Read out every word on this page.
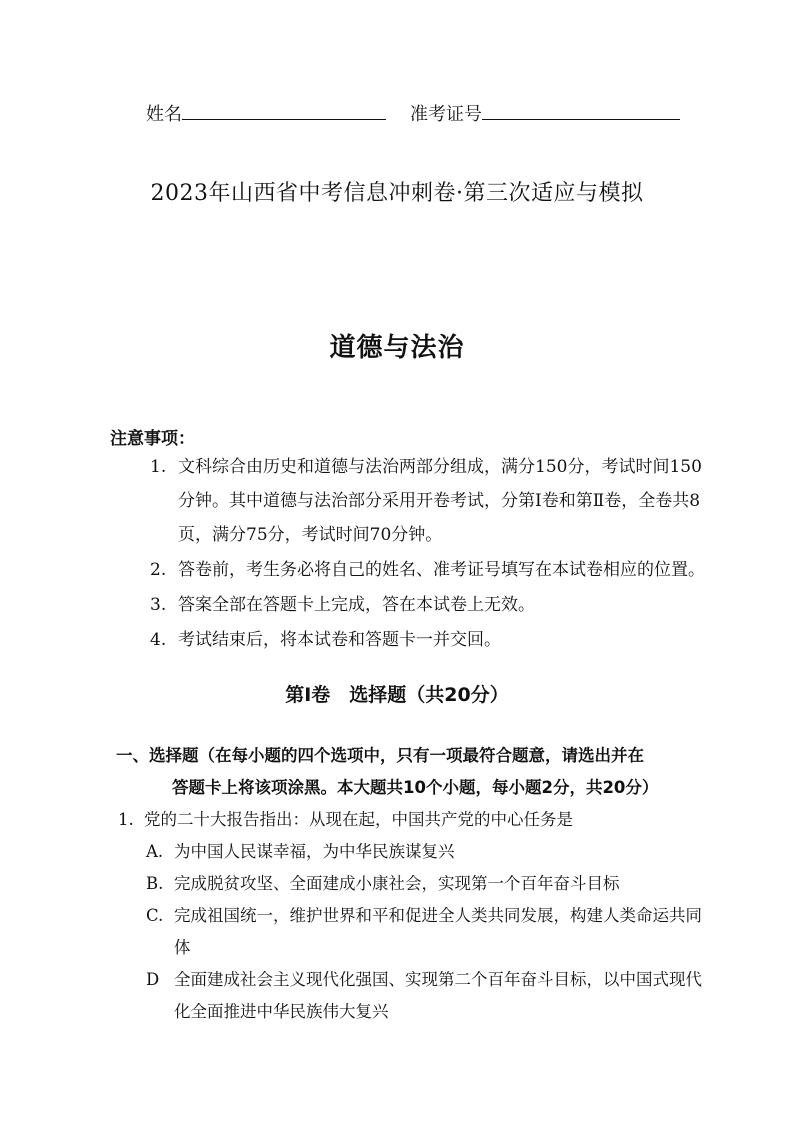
姓名	准考证号
2023年山西省中考信息冲刺卷·第三次适应与模拟
道德与法治
注意事项：
1. 文科综合由历史和道德与法治两部分组成，满分150分，考试时间150分钟。其中道德与法治部分采用开卷考试，分第Ⅰ卷和第Ⅱ卷，全卷共8页，满分75分，考试时间70分钟。
2. 答卷前，考生务必将自己的姓名、准考证号填写在本试卷相应的位置。
3. 答案全部在答题卡上完成，答在本试卷上无效。
4. 考试结束后，将本试卷和答题卡一并交回。
第Ⅰ卷　选择题（共20分）
一、选择题（在每小题的四个选项中，只有一项最符合题意，请选出并在
答题卡上将该项涂黑。本大题共10个小题，每小题2分，共20分）
1. 党的二十大报告指出：从现在起，中国共产党的中心任务是
A. 为中国人民谋幸福，为中华民族谋复兴
B. 完成脱贫攻坚、全面建成小康社会，实现第一个百年奋斗目标
C. 完成祖国统一，维护世界和平和促进全人类共同发展，构建人类命运共同体
D 全面建成社会主义现代化强国、实现第二个百年奋斗目标，以中国式现代化全面推进中华民族伟大复兴
